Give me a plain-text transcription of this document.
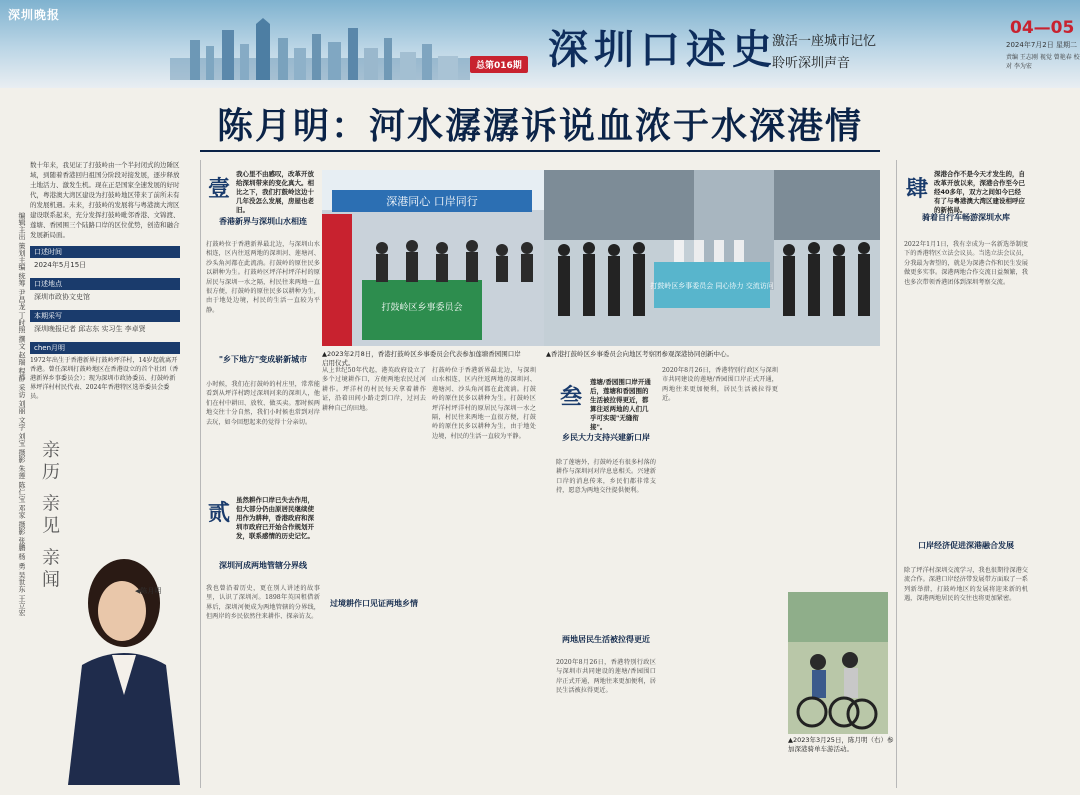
深圳晚报
总第016期 深圳口述史
激活一座城市记忆
聆听深圳声音
04—05
2024年7月2日 星期二
责编 王志刚 视觉 曾艳春 校对 李为宏
陈月明：河水潺潺诉说血浓于水深港情
编辑主出 策划主编 统筹 尹昌龙 丁时照 撰文 赵瑞 程静 采访 刘丽 文字 刘宝 摄影 朱莲 陈仁宝 邓家 摄影 张鹏 杨 勇 吴世东 王立宏
数十年来，我见证了打鼓岭由一个半封闭式的边陲区域，到随着香港回归祖国分阶段对接发展，逐步释放土地活力、激发生机。现在正是国家全速发展的好时代，粤港澳大湾区建设为打鼓岭地区带来了前所未有的发展机遇。未来，打鼓岭的发展将与粤港澳大湾区建设联系起来，充分发挥打鼓岭毗邻香港、文锦渡、莲塘、香园围三个陆路口岸的区位优势，创造和融合发展新局面。
口述时间
2024年5月15日
口述地点
深圳市政协文史馆
本期采写
深圳晚报记者 邱志东 实习生 李卓贤
chen月明
1972年出生于香港新界打鼓岭坪洋村，14岁起就离开香港。曾任深圳打鼓岭地区在香港设立的首个社团（香港新界乡事委员会）；现为深圳市政协委员、打鼓岭新界坪洋村村民代表、2024年香港特区选举委员会委员。
亲历 亲见 亲闻	◀陈月明
壹
我心里不由感叹，改革开放给深圳带来的变化真大。相比之下，我们打鼓岭这边十几年没怎么发展，房屋也老旧。
香港新界与深圳山水相连
打鼓岭位于香港新界最北边，与深圳山水相连，区内往返两地的深圳河、莲塘河、沙头角河都在此流淌。打鼓岭的原住民多以耕种为生。打鼓岭区坪洋村坪洋村的原居民与深圳一水之隔，村民往来两地一直很方便，打鼓岭的原住民多以耕种为生，由于地处边境，村民的生活一直较为平静。
"乡下地方"变成崭新城市
小时候，我们在打鼓岭的村庄里，常常能看到从坪洋村跨过深圳河来的深圳人，他们在村中耕田、放牧、做买卖。那时候两地交往十分自然，我们小时候也常到对岸去玩，如今回想起来仍觉得十分亲切。
贰 虽然耕作口岸已失去作用，但大部分仍由原居民继续使用作为耕种，香港政府和深圳市政府已开始合作规划开发，联系感情的历史记忆。
深圳河成两地管辖分界线
我也曾沿着历史，更在别人讲述的故事里，认识了深圳河。1898年英国租借新界后，深圳河便成为两地管辖的分界线，但两岸的乡民依然往来耕作、探亲访友。
深港同心 口岸同行
打鼓岭区乡事委员会
▲2023年2月8日，香港打鼓岭区乡事委员会代表参加莲塘香园围口岸启用仪式。
打鼓岭区乡事委员会 同心协力 交流访问
▲香港打鼓岭区乡事委员会向地区考察团参观深港协同创新中心。
从上世纪50年代起，港英政府设立了多个过境耕作口，方便两地农民过河耕作。坪洋村的村民每天拿着耕作证，沿着田间小路走到口岸，过河去耕种自己的田地。
过境耕作口见证两地乡情
打鼓岭位于香港新界最北边，与深圳山水相连，区内往返两地的深圳河、莲塘河、沙头角河都在此流淌。打鼓岭的原住民多以耕种为生。打鼓岭区坪洋村坪洋村的原居民与深圳一水之隔，村民往来两地一直很方便，打鼓岭的原住民多以耕种为生，由于地处边境，村民的生活一直较为平静。
叁
莲塘/香园围口岸开通后，莲塘和香园围的生活被拉得更近，都算往返两地的人们几乎可实现"无缝衔接"。
乡民大力支持兴建新口岸
除了莲塘外，打鼓岭还有很多村落的耕作与深圳河对岸息息相关。兴建新口岸的消息传来，乡民们都非常支持，愿意为两地交往提供便利。
两地居民生活被拉得更近
2020年8月26日，香港特别行政区与深圳市共同建设的莲塘/香园围口岸正式开通，两地往来更加便利，居民生活被拉得更近。
2020年8月26日，香港特别行政区与深圳市共同建设的莲塘/香园围口岸正式开通，两地往来更加便利，居民生活被拉得更近。
肆
深港合作不是今天才发生的，自改革开放以来，深港合作至今已经40多年，双方之间如今已经有了与粤港澳大湾区建设相呼应的新格局。
骑着自行车畅游深圳水库
2022年1月1日，我有幸成为一名新选举制度下的香港特区立法会议员。当选立法会议员，分我最为奢望的，就是为深港合作和民生发展做更多实事。深港两地合作交流日益频繁，我也多次带领香港团体到深圳考察交流。
口岸经济促进深港融合发展
除了坪洋村深圳交流学习，我也很期待深港交流合作。深港口岸经济带发展带方面取了一系列新举措，打鼓岭地区的发展将迎来新的机遇，深港两地居民的交往也将更加紧密。
▲2023年3月25日，陈月明（右）参加深港骑单车游活动。
